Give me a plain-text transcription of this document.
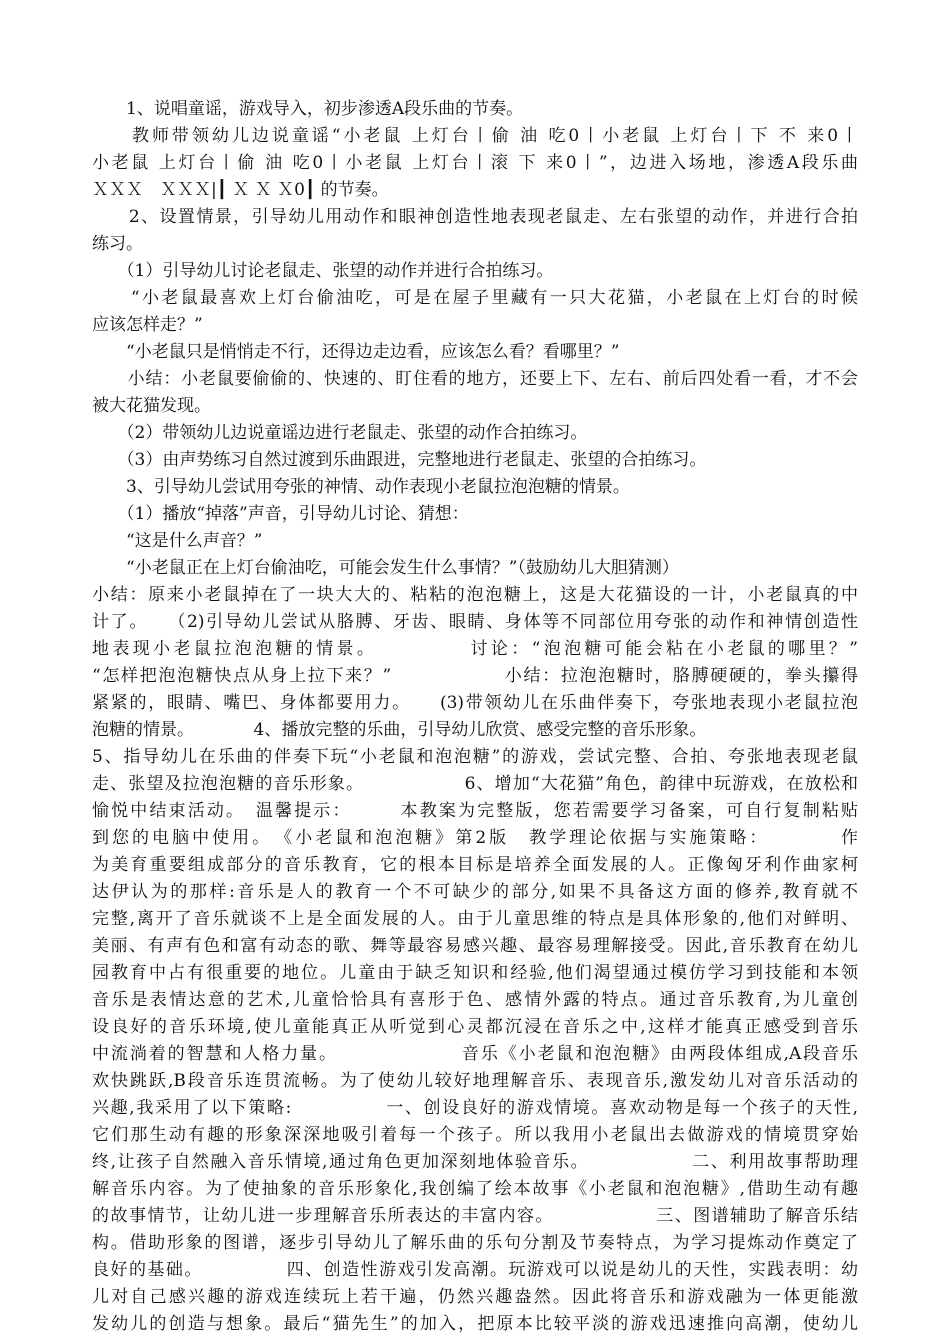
　　1、说唱童谣，游戏导入，初步渗透A段乐曲的节奏。
　　教师带领幼儿边说童谣“小老鼠 上灯台丨偷 油 吃0丨小老鼠 上灯台丨下 不 来0丨
小老鼠 上灯台丨偷 油 吃0丨小老鼠 上灯台丨滚 下 来0丨”，边进入场地，渗透A段乐曲
ＸＸＸ　ＸＸＸ|┃ Ｘ Ｘ Ｘ0┃ 的节奏。
　　2、设置情景，引导幼儿用动作和眼神创造性地表现老鼠走、左右张望的动作，并进行合拍
练习。
　　（1）引导幼儿讨论老鼠走、张望的动作并进行合拍练习。
　　“小老鼠最喜欢上灯台偷油吃，可是在屋子里藏有一只大花猫，小老鼠在上灯台的时候
应该怎样走？”
　　“小老鼠只是悄悄走不行，还得边走边看，应该怎么看？看哪里？”
　　小结：小老鼠要偷偷的、快速的、盯住看的地方，还要上下、左右、前后四处看一看，才不会
被大花猫发现。
　　（2）带领幼儿边说童谣边进行老鼠走、张望的动作合拍练习。
　　（3）由声势练习自然过渡到乐曲跟进，完整地进行老鼠走、张望的合拍练习。
　　3、引导幼儿尝试用夸张的神情、动作表现小老鼠拉泡泡糖的情景。
　　（1）播放“掉落”声音，引导幼儿讨论、猜想：
　　“这是什么声音？”
　　“小老鼠正在上灯台偷油吃，可能会发生什么事情？”（鼓励幼儿大胆猜测）
小结：原来小老鼠掉在了一块大大的、粘粘的泡泡糖上，这是大花猫设的一计，小老鼠真的中
计了。　　（2)引导幼儿尝试从胳膊、牙齿、眼睛、身体等不同部位用夸张的动作和神情创造性
地表现小老鼠拉泡泡糖的情景。　　　　　讨论：“泡泡糖可能会粘在小老鼠的哪里？”
“怎样把泡泡糖快点从身上拉下来？”　　　　　　小结：拉泡泡糖时，胳膊硬硬的，拳头攥得
紧紧的，眼睛、嘴巴、身体都要用力。　　(3)带领幼儿在乐曲伴奏下，夸张地表现小老鼠拉泡
泡糖的情景。　　　　4、播放完整的乐曲，引导幼儿欣赏、感受完整的音乐形象。
5、指导幼儿在乐曲的伴奏下玩“小老鼠和泡泡糖”的游戏，尝试完整、合拍、夸张地表现老鼠
走、张望及拉泡泡糖的音乐形象。　　　　　　6、增加“大花猫”角色，韵律中玩游戏，在放松和
愉悦中结束活动。　温馨提示：　　　本教案为完整版，您若需要学习备案，可自行复制粘贴
到您的电脑中使用。　《小老鼠和泡泡糖》第2版　教学理论依据与实施策略：　　　　作
为美育重要组成部分的音乐教育，它的根本目标是培养全面发展的人。正像匈牙利作曲家柯
达伊认为的那样:音乐是人的教育一个不可缺少的部分,如果不具备这方面的修养,教育就不
完整,离开了音乐就谈不上是全面发展的人。由于儿童思维的特点是具体形象的,他们对鲜明、
美丽、有声有色和富有动态的歌、舞等最容易感兴趣、最容易理解接受。因此,音乐教育在幼儿
园教育中占有很重要的地位。儿童由于缺乏知识和经验,他们渴望通过模仿学习到技能和本领
音乐是表情达意的艺术,儿童恰恰具有喜形于色、感情外露的特点。通过音乐教育,为儿童创
设良好的音乐环境,使儿童能真正从听觉到心灵都沉浸在音乐之中,这样才能真正感受到音乐
中流淌着的智慧和人格力量。　　　　　　　音乐《小老鼠和泡泡糖》由两段体组成,A段音乐
欢快跳跃,B段音乐连贯流畅。为了使幼儿较好地理解音乐、表现音乐,激发幼儿对音乐活动的
兴趣,我采用了以下策略:　　　　　一、创设良好的游戏情境。喜欢动物是每一个孩子的天性,
它们那生动有趣的形象深深地吸引着每一个孩子。所以我用小老鼠出去做游戏的情境贯穿始
终,让孩子自然融入音乐情境,通过角色更加深刻地体验音乐。　　　　　　二、利用故事帮助理
解音乐内容。为了使抽象的音乐形象化,我创编了绘本故事《小老鼠和泡泡糖》,借助生动有趣
的故事情节，让幼儿进一步理解音乐所表达的丰富内容。　　　　　　三、图谱辅助了解音乐结
构。借助形象的图谱，逐步引导幼儿了解乐曲的乐句分割及节奏特点，为学习提炼动作奠定了
良好的基础。　　　　　四、创造性游戏引发高潮。玩游戏可以说是幼儿的天性，实践表明：幼
儿对自己感兴趣的游戏连续玩上若干遍，仍然兴趣盎然。因此将音乐和游戏融为一体更能激
发幼儿的创造与想象。最后“猫先生”的加入，把原本比较平淡的游戏迅速推向高潮，使幼儿
